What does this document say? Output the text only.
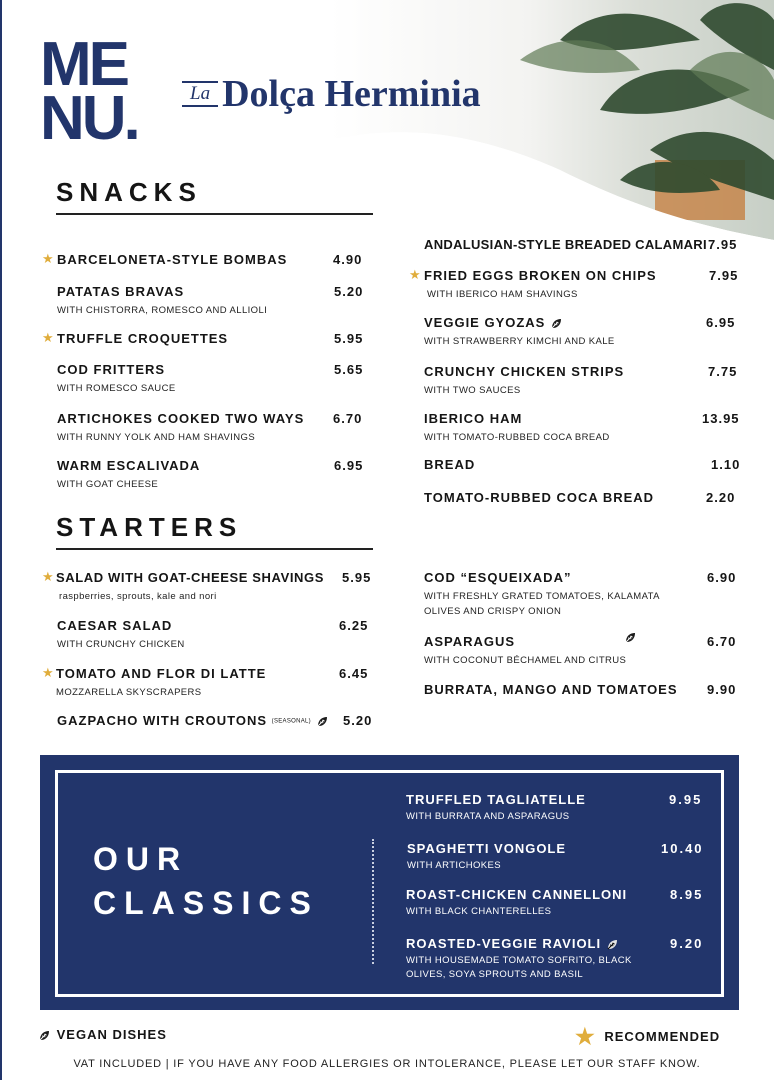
ME
NU.	La Dolça Herminia
SNACKS
★ BARCELONETA-STYLE BOMBAS	4.90
PATATAS BRAVAS	5.20
WITH CHISTORRA, ROMESCO AND ALLIOLI
★ TRUFFLE CROQUETTES	5.95
COD FRITTERS	5.65
WITH ROMESCO SAUCE
ARTICHOKES COOKED TWO WAYS	6.70
WITH RUNNY YOLK AND HAM SHAVINGS
WARM ESCALIVADA	6.95
WITH GOAT CHEESE
ANDALUSIAN-STYLE BREADED CALAMARI 7.95
★ FRIED EGGS BROKEN ON CHIPS	7.95
WITH IBERICO HAM SHAVINGS
VEGGIE GYOZAS	6.95
WITH STRAWBERRY KIMCHI AND KALE
CRUNCHY CHICKEN STRIPS	7.75
WITH TWO SAUCES
IBERICO HAM	13.95
WITH TOMATO-RUBBED COCA BREAD
BREAD	1.10
TOMATO-RUBBED COCA BREAD	2.20
STARTERS
★ SALAD WITH GOAT-CHEESE SHAVINGS	5.95
raspberries, sprouts, kale and nori
CAESAR SALAD	6.25
WITH CRUNCHY CHICKEN
★ TOMATO AND FLOR DI LATTE	6.45
MOZZARELLA SKYSCRAPERS
GAZPACHO WITH CROUTONS (SEASONAL)	5.20
COD “ESQUEIXADA”	6.90
WITH FRESHLY GRATED TOMATOES, KALAMATA OLIVES AND CRISPY ONION
ASPARAGUS	6.70
WITH COCONUT BÉCHAMEL AND CITRUS
BURRATA, MANGO AND TOMATOES	9.90
OUR
CLASSICS
TRUFFLED TAGLIATELLE	9.95
WITH BURRATA AND ASPARAGUS
SPAGHETTI VONGOLE	10.40
WITH ARTICHOKES
ROAST-CHICKEN CANNELLONI	8.95
WITH BLACK CHANTERELLES
ROASTED-VEGGIE RAVIOLI	9.20
WITH HOUSEMADE TOMATO SOFRITO, BLACK OLIVES, SOYA SPROUTS AND BASIL
VEGAN DISHES	★ RECOMMENDED
VAT INCLUDED | IF YOU HAVE ANY FOOD ALLERGIES OR INTOLERANCE, PLEASE LET OUR STAFF KNOW.
